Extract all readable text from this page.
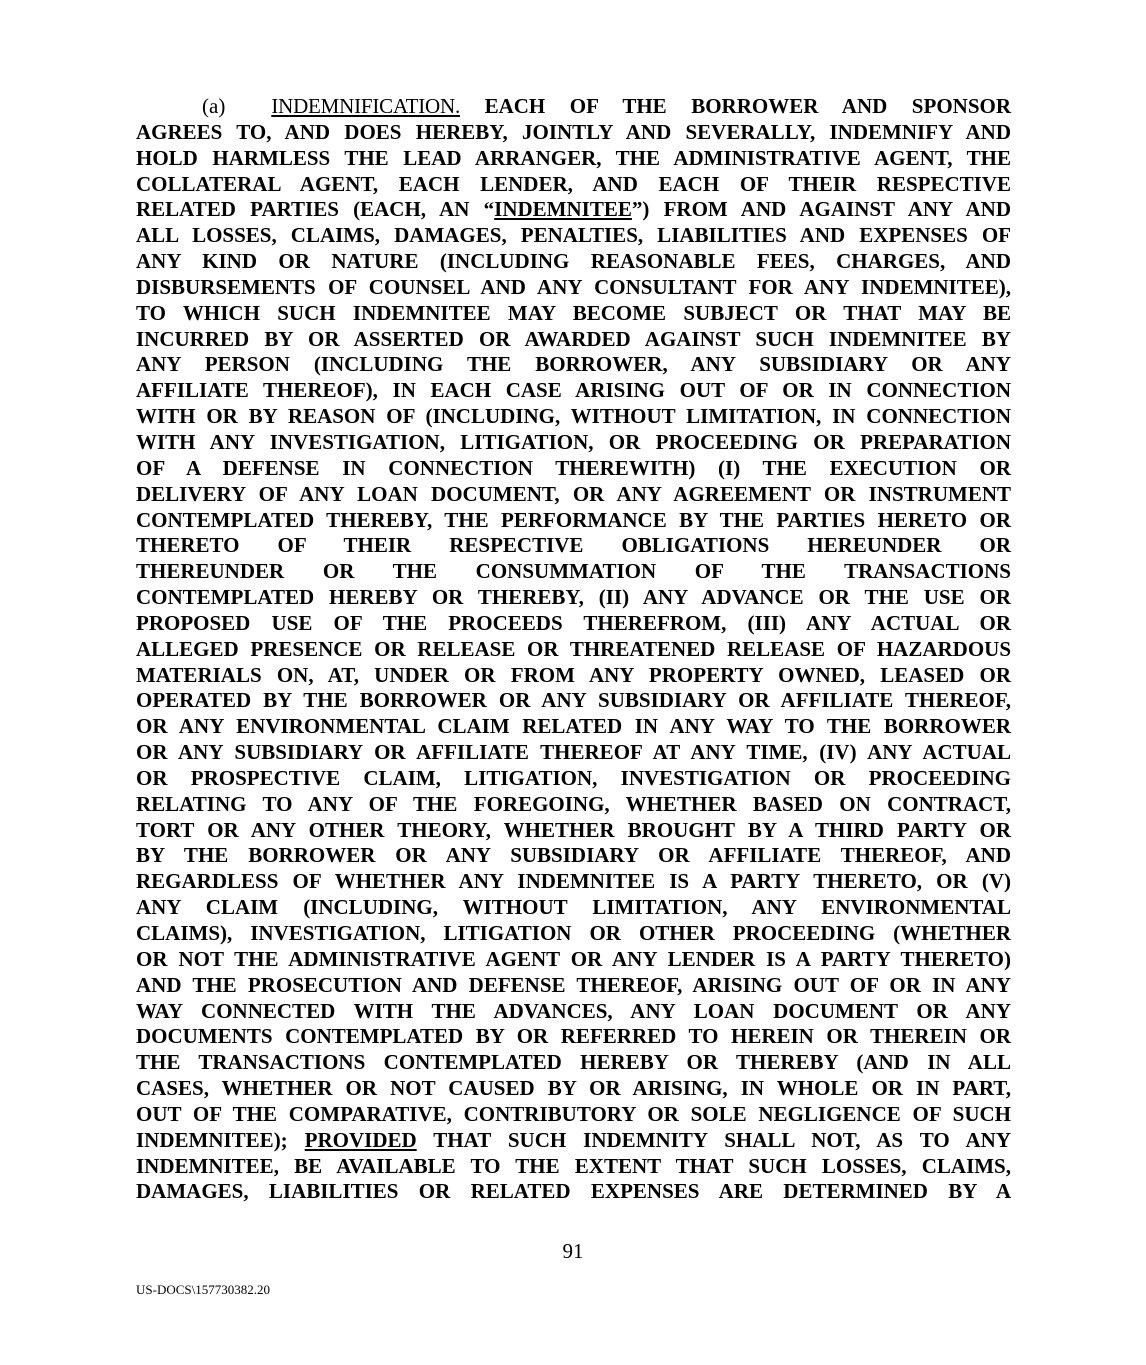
(a) INDEMNIFICATION. EACH OF THE BORROWER AND SPONSOR
AGREES TO, AND DOES HEREBY, JOINTLY AND SEVERALLY, INDEMNIFY AND
HOLD HARMLESS THE LEAD ARRANGER, THE ADMINISTRATIVE AGENT, THE
COLLATERAL AGENT, EACH LENDER, AND EACH OF THEIR RESPECTIVE
RELATED PARTIES (EACH, AN “INDEMNITEE”) FROM AND AGAINST ANY AND
ALL LOSSES, CLAIMS, DAMAGES, PENALTIES, LIABILITIES AND EXPENSES OF
ANY KIND OR NATURE (INCLUDING REASONABLE FEES, CHARGES, AND
DISBURSEMENTS OF COUNSEL AND ANY CONSULTANT FOR ANY INDEMNITEE),
TO WHICH SUCH INDEMNITEE MAY BECOME SUBJECT OR THAT MAY BE
INCURRED BY OR ASSERTED OR AWARDED AGAINST SUCH INDEMNITEE BY
ANY PERSON (INCLUDING THE BORROWER, ANY SUBSIDIARY OR ANY
AFFILIATE THEREOF), IN EACH CASE ARISING OUT OF OR IN CONNECTION
WITH OR BY REASON OF (INCLUDING, WITHOUT LIMITATION, IN CONNECTION
WITH ANY INVESTIGATION, LITIGATION, OR PROCEEDING OR PREPARATION
OF A DEFENSE IN CONNECTION THEREWITH) (I) THE EXECUTION OR
DELIVERY OF ANY LOAN DOCUMENT, OR ANY AGREEMENT OR INSTRUMENT
CONTEMPLATED THEREBY, THE PERFORMANCE BY THE PARTIES HERETO OR
THERETO OF THEIR RESPECTIVE OBLIGATIONS HEREUNDER OR
THEREUNDER OR THE CONSUMMATION OF THE TRANSACTIONS
CONTEMPLATED HEREBY OR THEREBY, (II) ANY ADVANCE OR THE USE OR
PROPOSED USE OF THE PROCEEDS THEREFROM, (III) ANY ACTUAL OR
ALLEGED PRESENCE OR RELEASE OR THREATENED RELEASE OF HAZARDOUS
MATERIALS ON, AT, UNDER OR FROM ANY PROPERTY OWNED, LEASED OR
OPERATED BY THE BORROWER OR ANY SUBSIDIARY OR AFFILIATE THEREOF,
OR ANY ENVIRONMENTAL CLAIM RELATED IN ANY WAY TO THE BORROWER
OR ANY SUBSIDIARY OR AFFILIATE THEREOF AT ANY TIME, (IV) ANY ACTUAL
OR PROSPECTIVE CLAIM, LITIGATION, INVESTIGATION OR PROCEEDING
RELATING TO ANY OF THE FOREGOING, WHETHER BASED ON CONTRACT,
TORT OR ANY OTHER THEORY, WHETHER BROUGHT BY A THIRD PARTY OR
BY THE BORROWER OR ANY SUBSIDIARY OR AFFILIATE THEREOF, AND
REGARDLESS OF WHETHER ANY INDEMNITEE IS A PARTY THERETO, OR (V)
ANY CLAIM (INCLUDING, WITHOUT LIMITATION, ANY ENVIRONMENTAL
CLAIMS), INVESTIGATION, LITIGATION OR OTHER PROCEEDING (WHETHER
OR NOT THE ADMINISTRATIVE AGENT OR ANY LENDER IS A PARTY THERETO)
AND THE PROSECUTION AND DEFENSE THEREOF, ARISING OUT OF OR IN ANY
WAY CONNECTED WITH THE ADVANCES, ANY LOAN DOCUMENT OR ANY
DOCUMENTS CONTEMPLATED BY OR REFERRED TO HEREIN OR THEREIN OR
THE TRANSACTIONS CONTEMPLATED HEREBY OR THEREBY (AND IN ALL
CASES, WHETHER OR NOT CAUSED BY OR ARISING, IN WHOLE OR IN PART,
OUT OF THE COMPARATIVE, CONTRIBUTORY OR SOLE NEGLIGENCE OF SUCH
INDEMNITEE); PROVIDED THAT SUCH INDEMNITY SHALL NOT, AS TO ANY
INDEMNITEE, BE AVAILABLE TO THE EXTENT THAT SUCH LOSSES, CLAIMS,
DAMAGES, LIABILITIES OR RELATED EXPENSES ARE DETERMINED BY A
91
US-DOCS\157730382.20
